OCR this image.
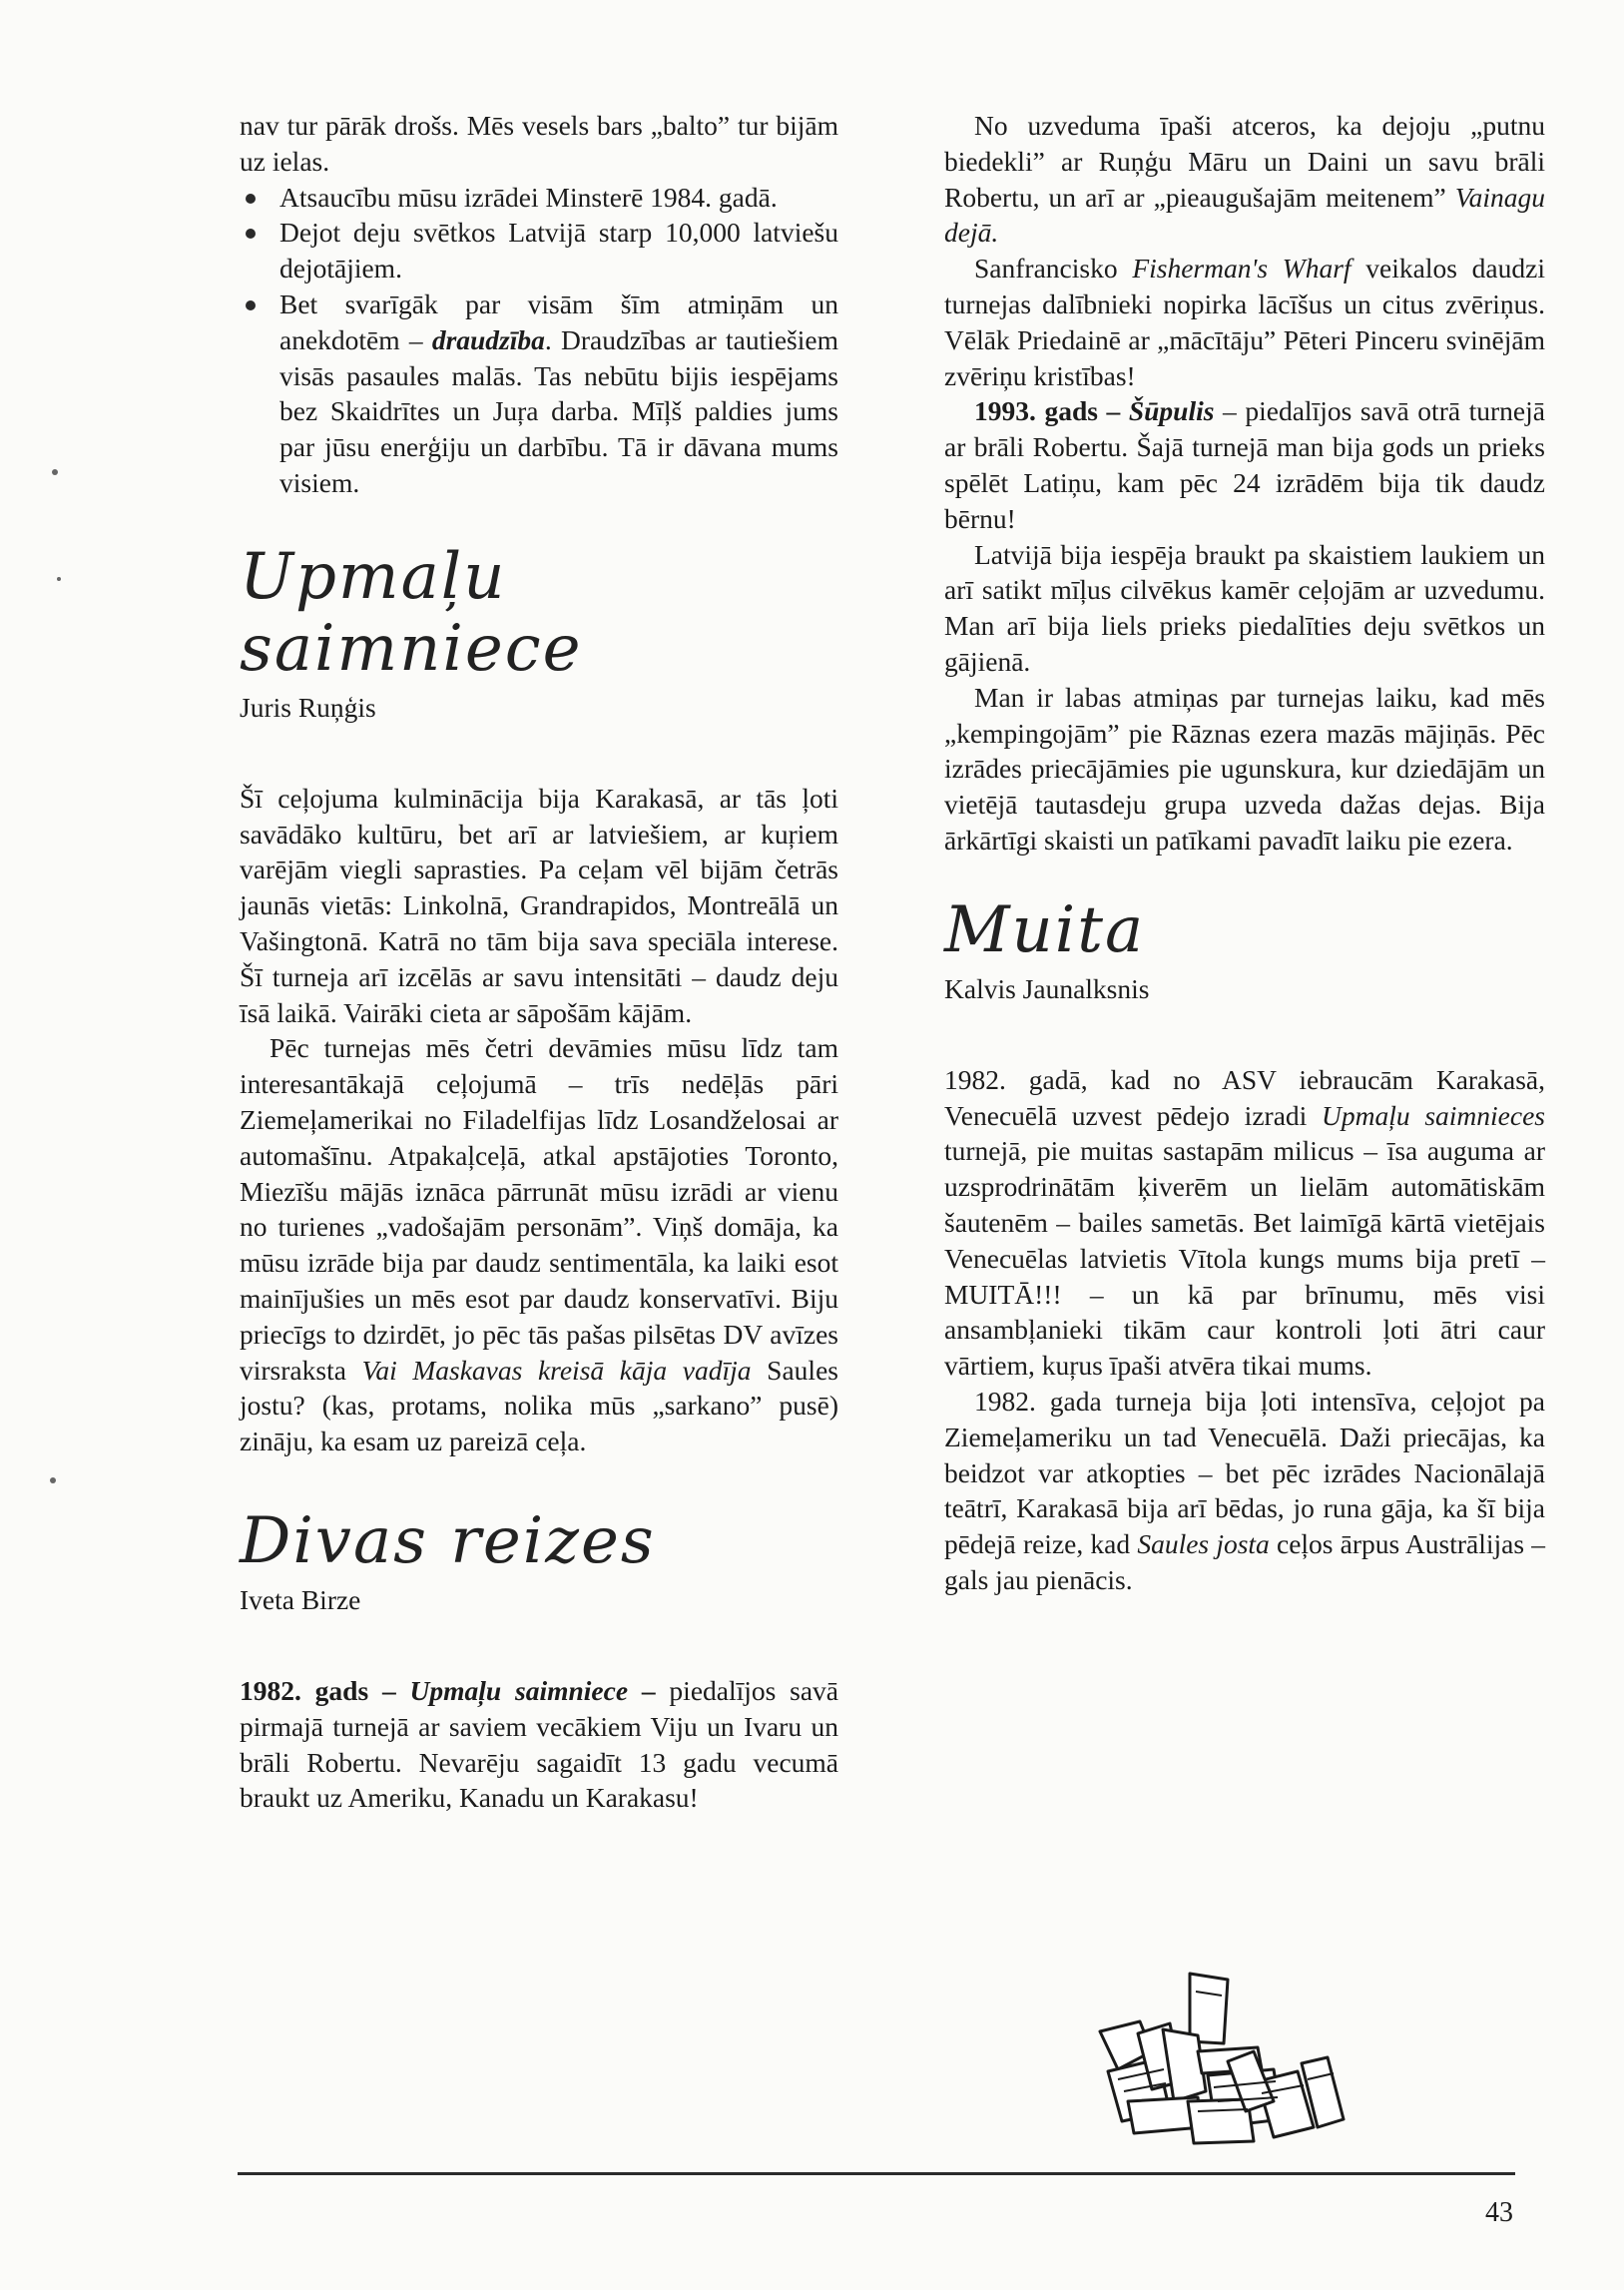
nav tur pārāk drošs. Mēs vesels bars „balto” tur bijām uz ielas.

Atsaucību mūsu izrādei Minsterē 1984. gadā.
Dejot deju svētkos Latvijā starp 10,000 latviešu dejotājiem.
Bet svarīgāk par visām šīm atmiņām un anekdotēm – draudzība. Draudzības ar tautiešiem visās pasaules malās. Tas nebūtu bijis iespējams bez Skaidrītes un Juŗa darba. Mīļš paldies jums par jūsu enerģiju un darbību. Tā ir dāvana mums visiem.
Upmaļu saimniece
Juris Ruņģis

Šī ceļojuma kulminācija bija Karakasā, ar tās ļoti savādāko kultūru, bet arī ar latviešiem, ar kuŗiem varējām viegli saprasties. Pa ceļam vēl bijām četrās jaunās vietās: Linkolnā, Grandrapidos, Montreālā un Vašingtonā. Katrā no tām bija sava speciāla interese. Šī turneja arī izcēlās ar savu intensitāti – daudz deju īsā laikā. Vairāki cieta ar sāpošām kājām.

Pēc turnejas mēs četri devāmies mūsu līdz tam interesantākajā ceļojumā – trīs nedēļās pāri Ziemeļamerikai no Filadelfijas līdz Losandželosai ar automašīnu. Atpakaļceļā, atkal apstājoties Toronto, Miezīšu mājās iznāca pārrunāt mūsu izrādi ar vienu no turienes „vadošajām personām”. Viņš domāja, ka mūsu izrāde bija par daudz sentimentāla, ka laiki esot mainījušies un mēs esot par daudz konservatīvi. Biju priecīgs to dzirdēt, jo pēc tās pašas pilsētas DV avīzes virsraksta Vai Maskavas kreisā kāja vadīja Saules jostu? (kas, protams, nolika mūs „sarkano” pusē) zināju, ka esam uz pareizā ceļa.

Divas reizes
Iveta Birze

1982. gads – Upmaļu saimniece – piedalījos savā pirmajā turnejā ar saviem vecākiem Viju un Ivaru un brāli Robertu. Nevarēju sagaidīt 13 gadu vecumā braukt uz Ameriku, Kanadu un Karakasu!

No uzveduma īpaši atceros, ka dejoju „putnu biedekli” ar Ruņģu Māru un Daini un savu brāli Robertu, un arī ar „pieaugušajām meitenem” Vainagu dejā.

Sanfrancisko Fisherman's Wharf veikalos daudzi turnejas dalībnieki nopirka lācīšus un citus zvēriņus. Vēlāk Priedainē ar „mācītāju” Pēteri Pinceru svinējām zvēriņu kristības!

1993. gads – Šūpulis – piedalījos savā otrā turnejā ar brāli Robertu. Šajā turnejā man bija gods un prieks spēlēt Latiņu, kam pēc 24 izrādēm bija tik daudz bērnu!

Latvijā bija iespēja braukt pa skaistiem laukiem un arī satikt mīļus cilvēkus kamēr ceļojām ar uzvedumu. Man arī bija liels prieks piedalīties deju svētkos un gājienā.

Man ir labas atmiņas par turnejas laiku, kad mēs „kempingojām” pie Rāznas ezera mazās mājiņās. Pēc izrādes priecājāmies pie ugunskura, kur dziedājām un vietējā tautasdeju grupa uzveda dažas dejas. Bija ārkārtīgi skaisti un patīkami pavadīt laiku pie ezera.

Muita
Kalvis Jaunalksnis

1982. gadā, kad no ASV iebraucām Karakasā, Venecuēlā uzvest pēdejo izradi Upmaļu saimnieces turnejā, pie muitas sastapām milicus – īsa auguma ar uzsprodrinātām ķiverēm un lielām automātiskām šautenēm – bailes sametās. Bet laimīgā kārtā vietējais Venecuēlas latvietis Vītola kungs mums bija pretī – MUITĀ!!! – un kā par brīnumu, mēs visi ansambļanieki tikām caur kontroli ļoti ātri caur vārtiem, kuŗus īpaši atvēra tikai mums.

1982. gada turneja bija ļoti intensīva, ceļojot pa Ziemeļameriku un tad Venecuēlā. Daži priecājas, ka beidzot var atkopties – bet pēc izrādes Nacionālajā teātrī, Karakasā bija arī bēdas, jo runa gāja, ka šī bija pēdejā reize, kad Saules josta ceļos ārpus Austrālijas – gals jau pienācis.

43
